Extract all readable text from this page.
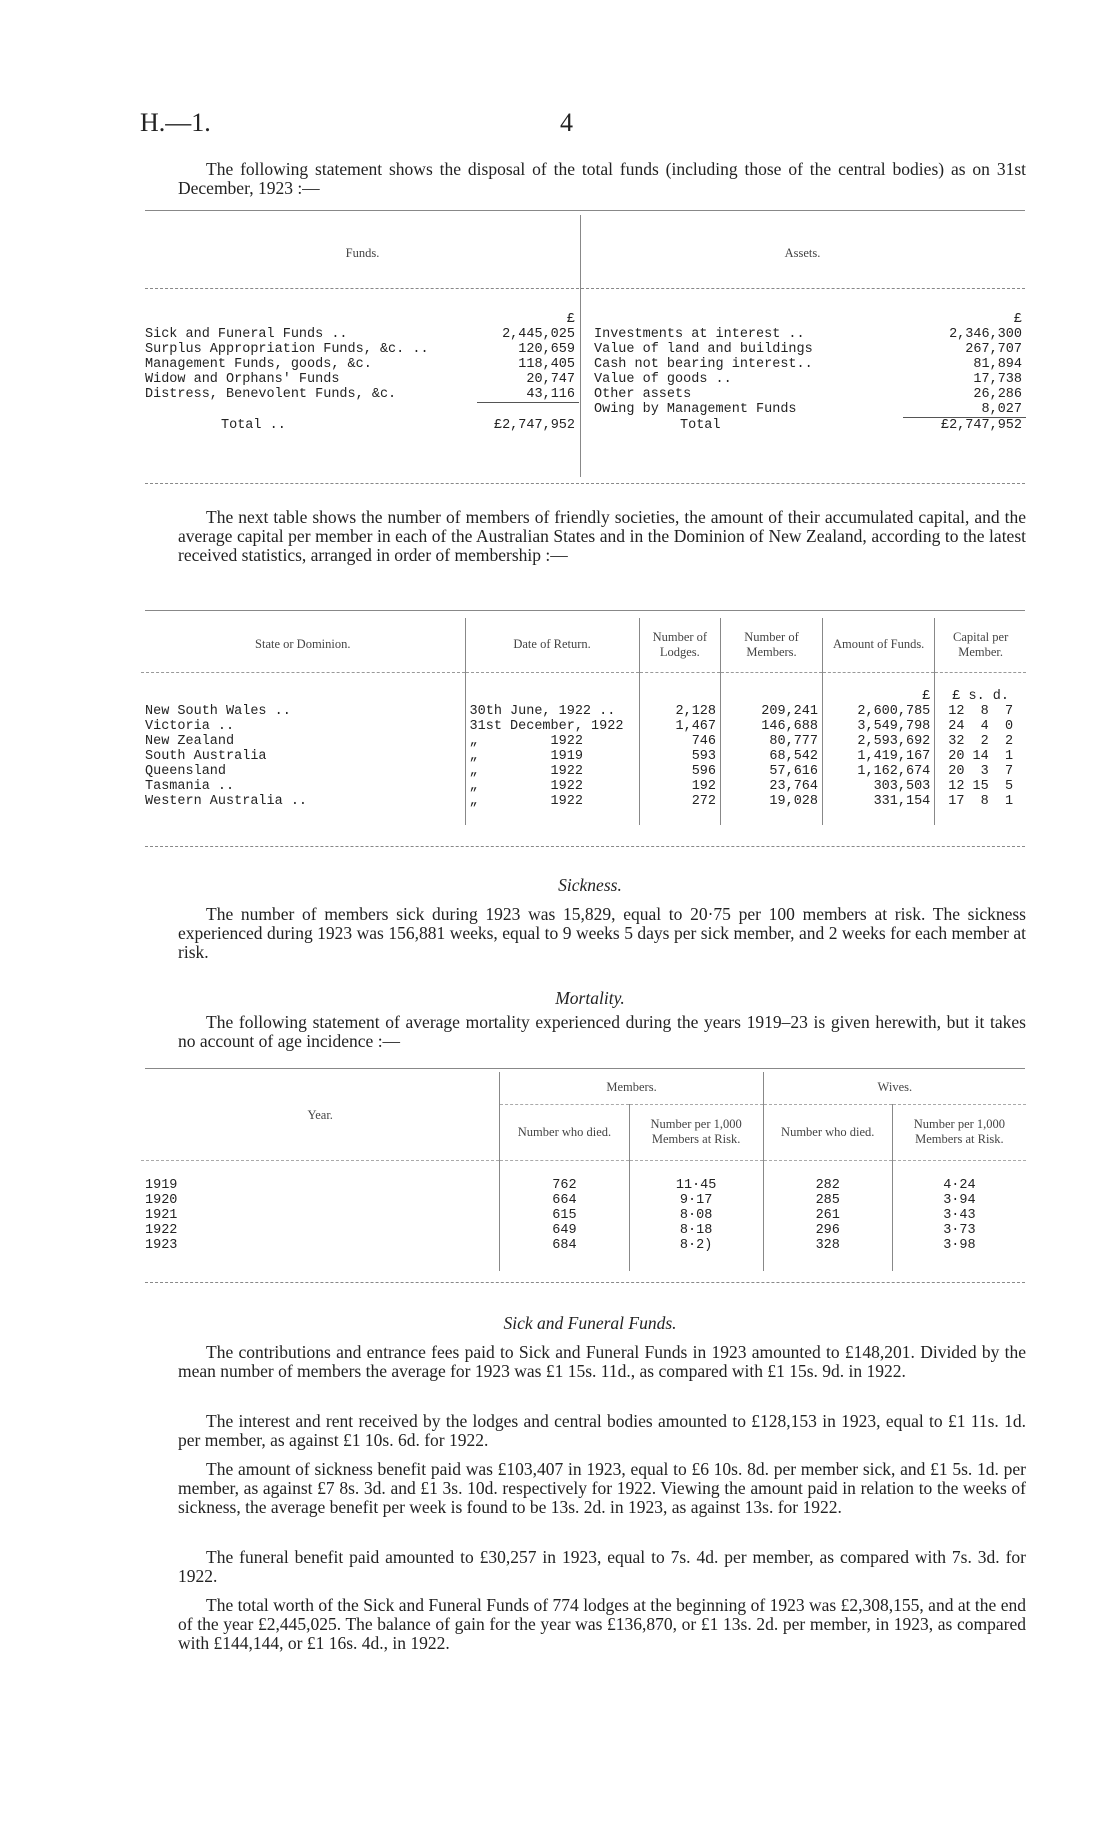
H.—1.	4

The following statement shows the disposal of the total funds (including those of the central bodies) as on 31st December, 1923 :—

Funds.	Assets.
	£
Sick and Funeral Funds ..	2,445,025
Surplus Appropriation Funds, &c. ..	120,659
Management Funds, goods, &c.	118,405
Widow and Orphans' Funds	20,747
Distress, Benevolent Funds, &c.	43,116

Total ..	£2,747,952
	£
Investments at interest ..	2,346,300
Value of land and buildings	267,707
Cash not bearing interest..	81,894
Value of goods ..	17,738
Other assets	26,286
Owing by Management Funds	8,027
Total	£2,747,952

The next table shows the number of members of friendly societies, the amount of their accumulated capital, and the average capital per member in each of the Australian States and in the Dominion of New Zealand, according to the latest received statistics, arranged in order of membership :—

State or Dominion.	Date of Return.	Number of Lodges.	Number of Members.	Amount of Funds.	Capital per Member.
				£	£ s. d.
New South Wales ..	30th June, 1922 ..	2,128	209,241	2,600,785	12  8  7
Victoria ..	31st December, 1922	1,467	146,688	3,549,798	24  4  0
New Zealand	„         1922	746	80,777	2,593,692	32  2  2
South Australia	„         1919	593	68,542	1,419,167	20 14  1
Queensland	„         1922	596	57,616	1,162,674	20  3  7
Tasmania ..	„         1922	192	23,764	303,503	12 15  5
Western Australia ..	„         1922	272	19,028	331,154	17  8  1

Sickness.

The number of members sick during 1923 was 15,829, equal to 20·75 per 100 members at risk. The sickness experienced during 1923 was 156,881 weeks, equal to 9 weeks 5 days per sick member, and 2 weeks for each member at risk.

Mortality.

The following statement of average mortality experienced during the years 1919–23 is given herewith, but it takes no account of age incidence :—

Year.	Members.		Wives.	
	Number who died.	Number per 1,000 Members at Risk.	Number who died.	Number per 1,000 Members at Risk.

1919	762	11·45	282	4·24
1920	664	9·17	285	3·94
1921	615	8·08	261	3·43
1922	649	8·18	296	3·73
1923	684	8·2)	328	3·98

Sick and Funeral Funds.

The contributions and entrance fees paid to Sick and Funeral Funds in 1923 amounted to £148,201. Divided by the mean number of members the average for 1923 was £1 15s. 11d., as compared with £1 15s. 9d. in 1922.

The interest and rent received by the lodges and central bodies amounted to £128,153 in 1923, equal to £1 11s. 1d. per member, as against £1 10s. 6d. for 1922.

The amount of sickness benefit paid was £103,407 in 1923, equal to £6 10s. 8d. per member sick, and £1 5s. 1d. per member, as against £7 8s. 3d. and £1 3s. 10d. respectively for 1922. Viewing the amount paid in relation to the weeks of sickness, the average benefit per week is found to be 13s. 2d. in 1923, as against 13s. for 1922.

The funeral benefit paid amounted to £30,257 in 1923, equal to 7s. 4d. per member, as compared with 7s. 3d. for 1922.

The total worth of the Sick and Funeral Funds of 774 lodges at the beginning of 1923 was £2,308,155, and at the end of the year £2,445,025. The balance of gain for the year was £136,870, or £1 13s. 2d. per member, in 1923, as compared with £144,144, or £1 16s. 4d., in 1922.
